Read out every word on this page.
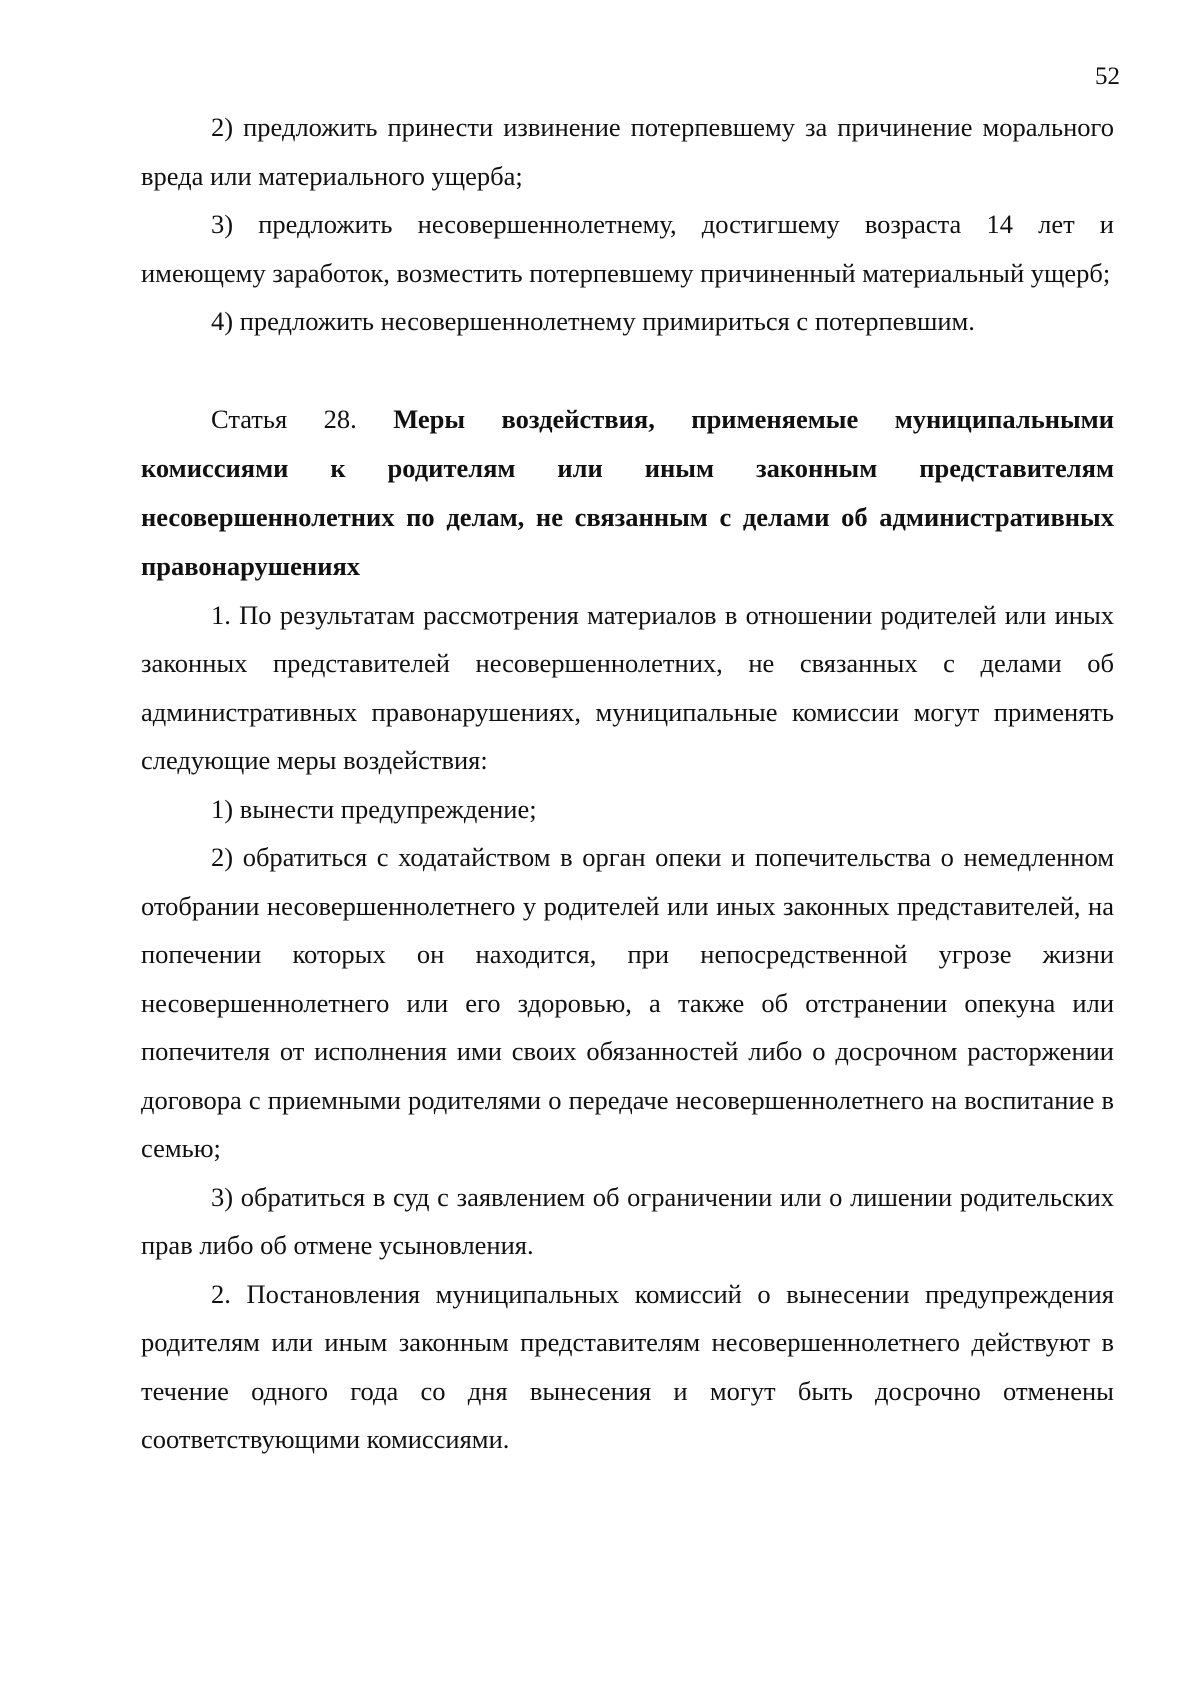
52

2) предложить принести извинение потерпевшему за причинение морального вреда или материального ущерба;

3) предложить несовершеннолетнему, достигшему возраста 14 лет и имеющему заработок, возместить потерпевшему причиненный материальный ущерб;

4) предложить несовершеннолетнему примириться с потерпевшим.

Статья 28. Меры воздействия, применяемые муниципальными комиссиями к родителям или иным законным представителям несовершеннолетних по делам, не связанным с делами об административных правонарушениях

1. По результатам рассмотрения материалов в отношении родителей или иных законных представителей несовершеннолетних, не связанных с делами об административных правонарушениях, муниципальные комиссии могут применять следующие меры воздействия:

1) вынести предупреждение;

2) обратиться с ходатайством в орган опеки и попечительства о немедленном отобрании несовершеннолетнего у родителей или иных законных представителей, на попечении которых он находится, при непосредственной угрозе жизни несовершеннолетнего или его здоровью, а также об отстранении опекуна или попечителя от исполнения ими своих обязанностей либо о досрочном расторжении договора с приемными родителями о передаче несовершеннолетнего на воспитание в семью;

3) обратиться в суд с заявлением об ограничении или о лишении родительских прав либо об отмене усыновления.

2. Постановления муниципальных комиссий о вынесении предупреждения родителям или иным законным представителям несовершеннолетнего действуют в течение одного года со дня вынесения и могут быть досрочно отменены соответствующими комиссиями.
